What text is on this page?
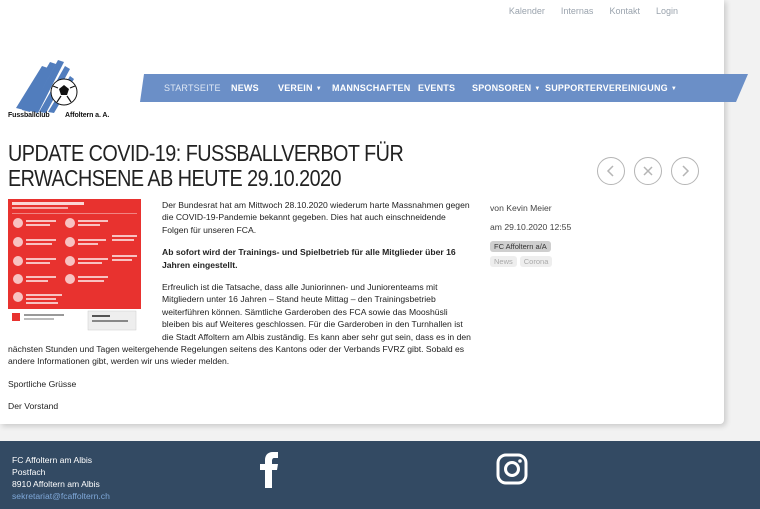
Kalender Internas Kontakt Login
Fussballclub Affoltern a. A.
STARTSEITE NEWS VEREIN ▼ MANNSCHAFTEN EVENTS SPONSOREN ▼ SUPPORTERVEREINIGUNG ▼
UPDATE COVID-19: FUSSBALLVERBOT FÜR ERWACHSENE AB HEUTE 29.10.2020

Der Bundesrat hat am Mittwoch 28.10.2020 wiederum harte Massnahmen gegen die COVID-19-Pandemie bekannt gegeben. Dies hat auch einschneidende Folgen für unseren FCA.

Ab sofort wird der Trainings- und Spielbetrieb für alle Mitglieder über 16 Jahren eingestellt.

Erfreulich ist die Tatsache, dass alle Juniorinnen- und Juniorenteams mit Mitgliedern unter 16 Jahren – Stand heute Mittag – den Trainingsbetrieb weiterführen können. Sämtliche Garderoben des FCA sowie das Mooshüsli bleiben bis auf Weiteres geschlossen. Für die Garderoben in den Turnhallen ist die Stadt Affoltern am Albis zuständig. Es kann aber sehr gut sein, dass es in den nächsten Stunden und Tagen weitergehende Regelungen seitens des Kantons oder der Verbands FVRZ gibt. Sobald es andere Informationen gibt, werden wir uns wieder melden.

Sportliche Grüsse

Der Vorstand

von Kevin Meier
am 29.10.2020 12:55
FC Affoltern a/A
News	Corona
FC Affoltern am Albis
Postfach
8910 Affoltern am Albis
sekretariat@fcaffoltern.ch
